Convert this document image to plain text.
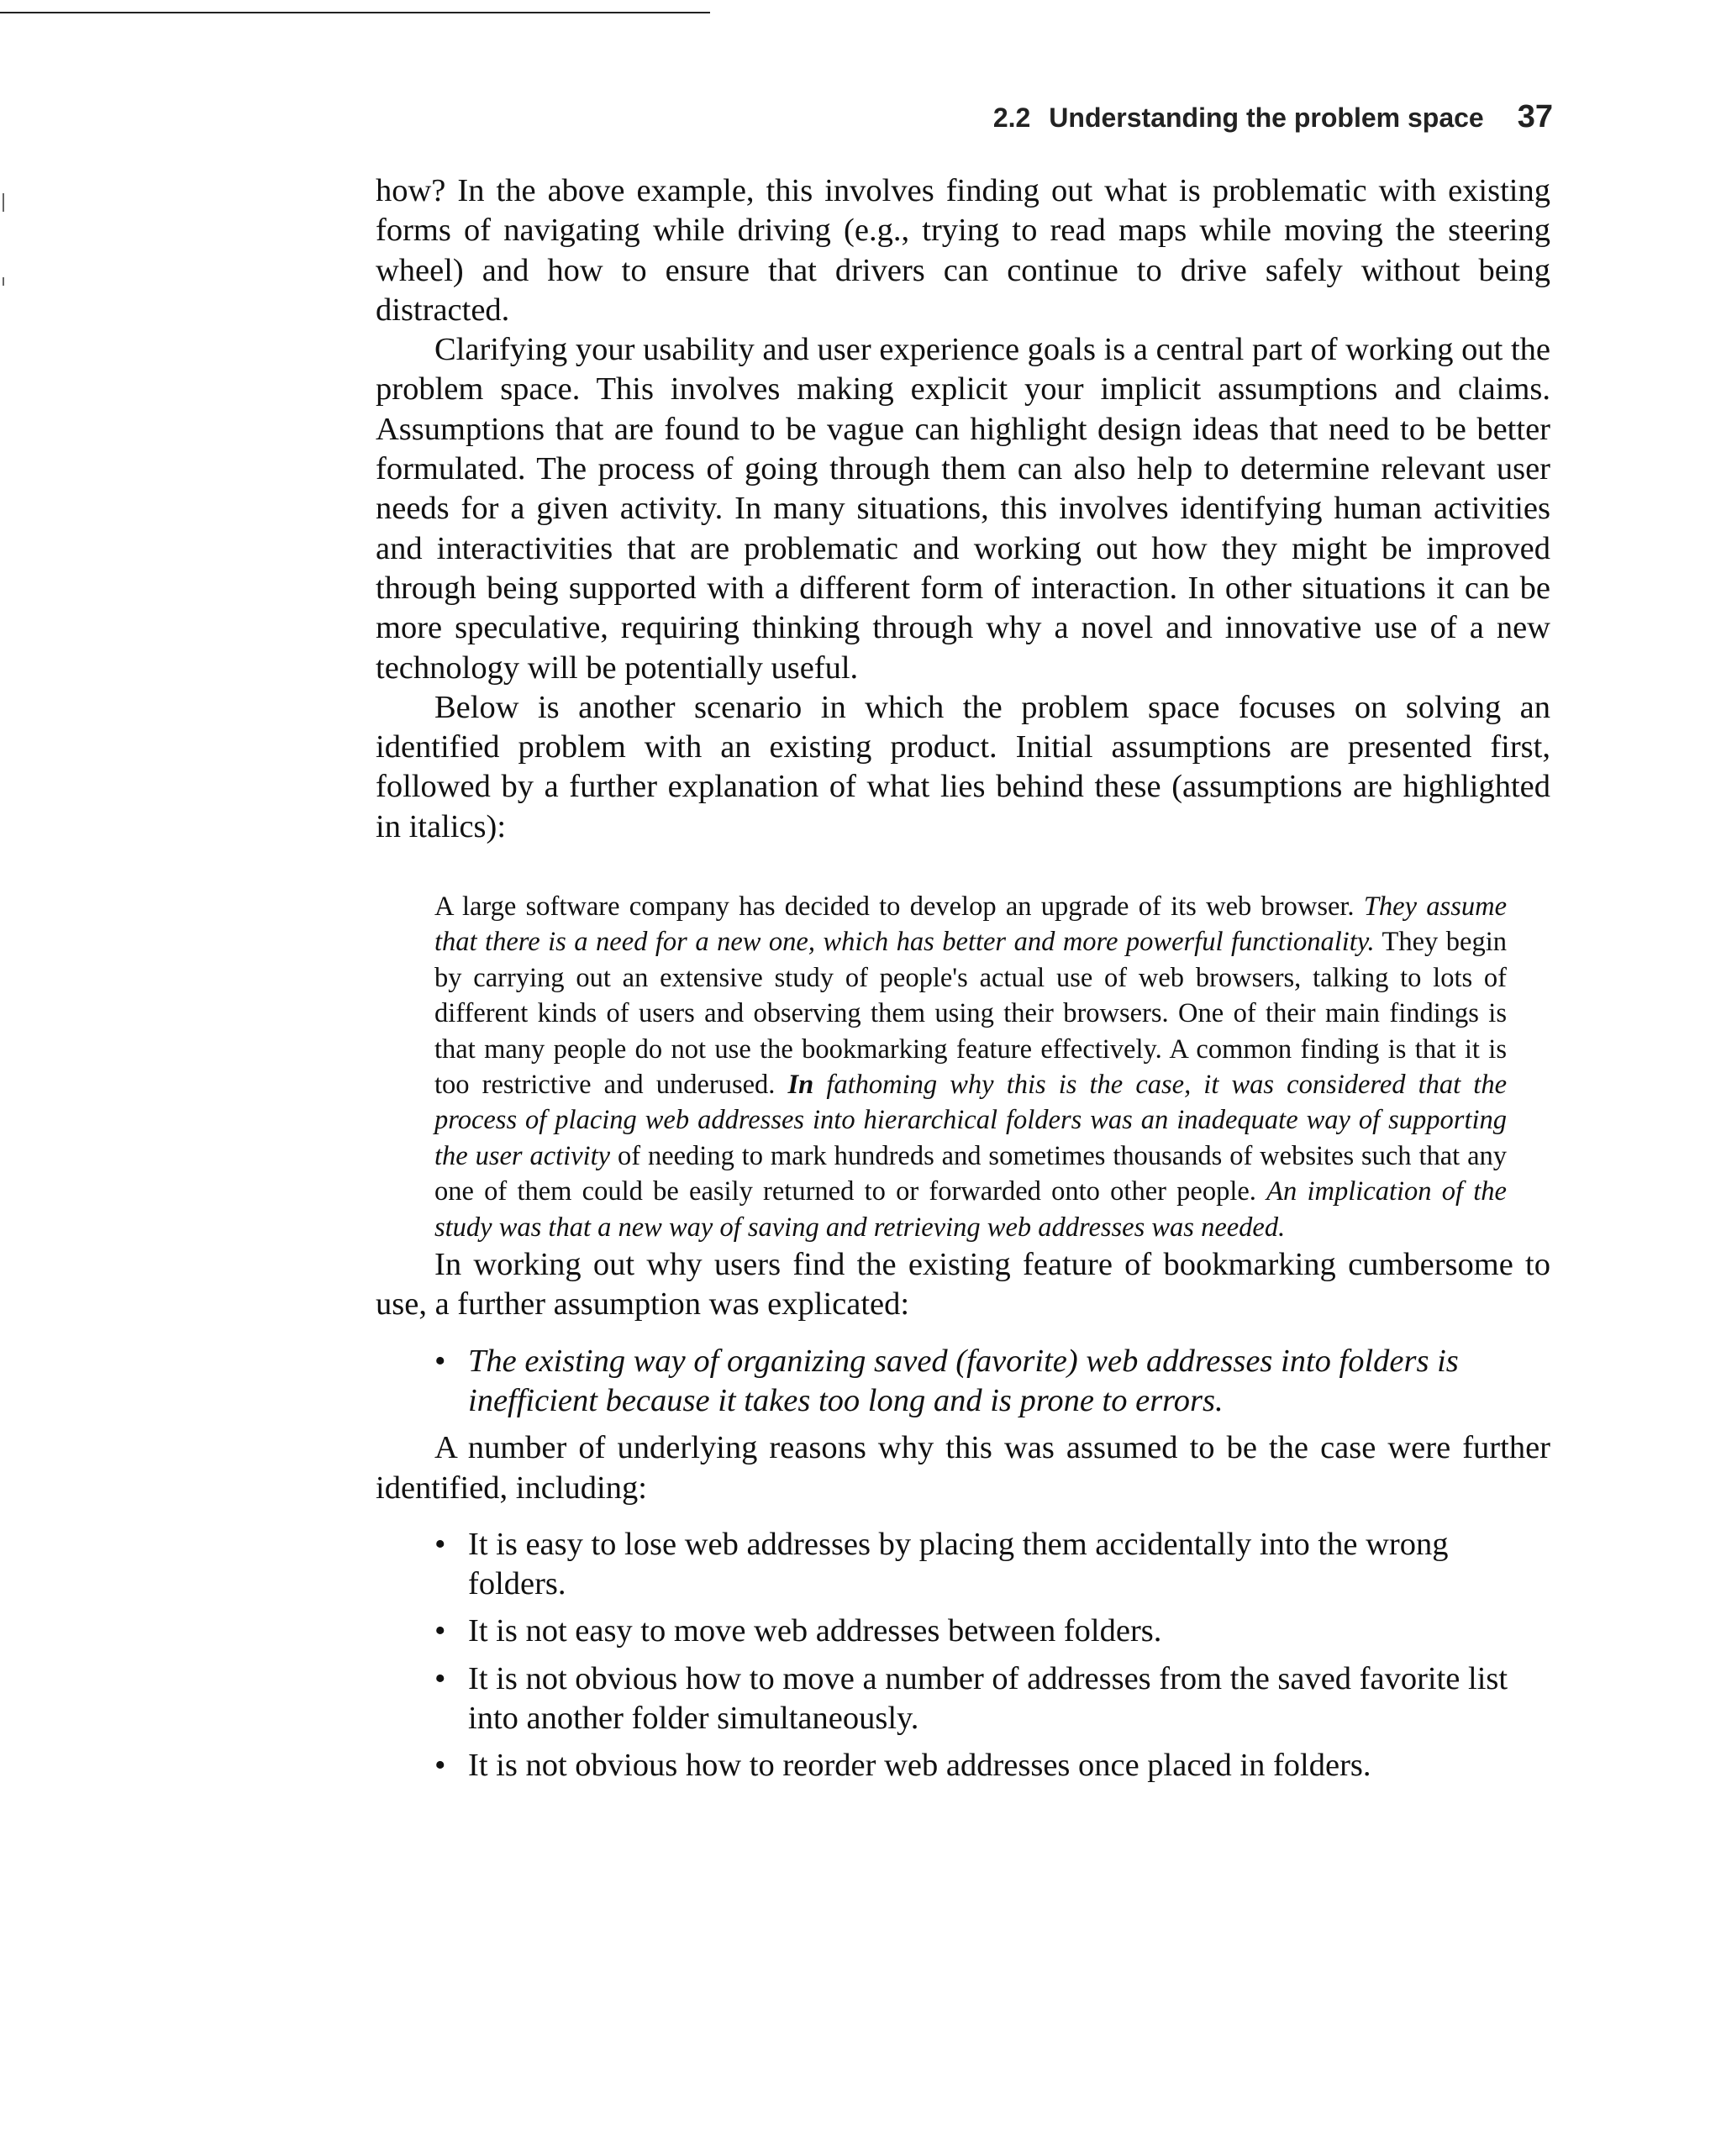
2.2 Understanding the problem space 37

how? In the above example, this involves finding out what is problematic with existing forms of navigating while driving (e.g., trying to read maps while moving the steering wheel) and how to ensure that drivers can continue to drive safely without being distracted.

Clarifying your usability and user experience goals is a central part of working out the problem space. This involves making explicit your implicit assumptions and claims. Assumptions that are found to be vague can highlight design ideas that need to be better formulated. The process of going through them can also help to determine relevant user needs for a given activity. In many situations, this involves identifying human activities and interactivities that are problematic and working out how they might be improved through being supported with a different form of interaction. In other situations it can be more speculative, requiring thinking through why a novel and innovative use of a new technology will be potentially useful.

Below is another scenario in which the problem space focuses on solving an identified problem with an existing product. Initial assumptions are presented first, followed by a further explanation of what lies behind these (assumptions are highlighted in italics):

A large software company has decided to develop an upgrade of its web browser. They assume that there is a need for a new one, which has better and more powerful functionality. They begin by carrying out an extensive study of people's actual use of web browsers, talking to lots of different kinds of users and observing them using their browsers. One of their main findings is that many people do not use the bookmarking feature effectively. A common finding is that it is too restrictive and underused. In fathoming why this is the case, it was considered that the process of placing web addresses into hierarchical folders was an inadequate way of supporting the user activity of needing to mark hundreds and sometimes thousands of websites such that any one of them could be easily returned to or forwarded onto other people. An implication of the study was that a new way of saving and retrieving web addresses was needed.

In working out why users find the existing feature of bookmarking cumbersome to use, a further assumption was explicated:

• The existing way of organizing saved (favorite) web addresses into folders is inefficient because it takes too long and is prone to errors.

A number of underlying reasons why this was assumed to be the case were further identified, including:

• It is easy to lose web addresses by placing them accidentally into the wrong folders.
• It is not easy to move web addresses between folders.
• It is not obvious how to move a number of addresses from the saved favorite list into another folder simultaneously.
• It is not obvious how to reorder web addresses once placed in folders.
